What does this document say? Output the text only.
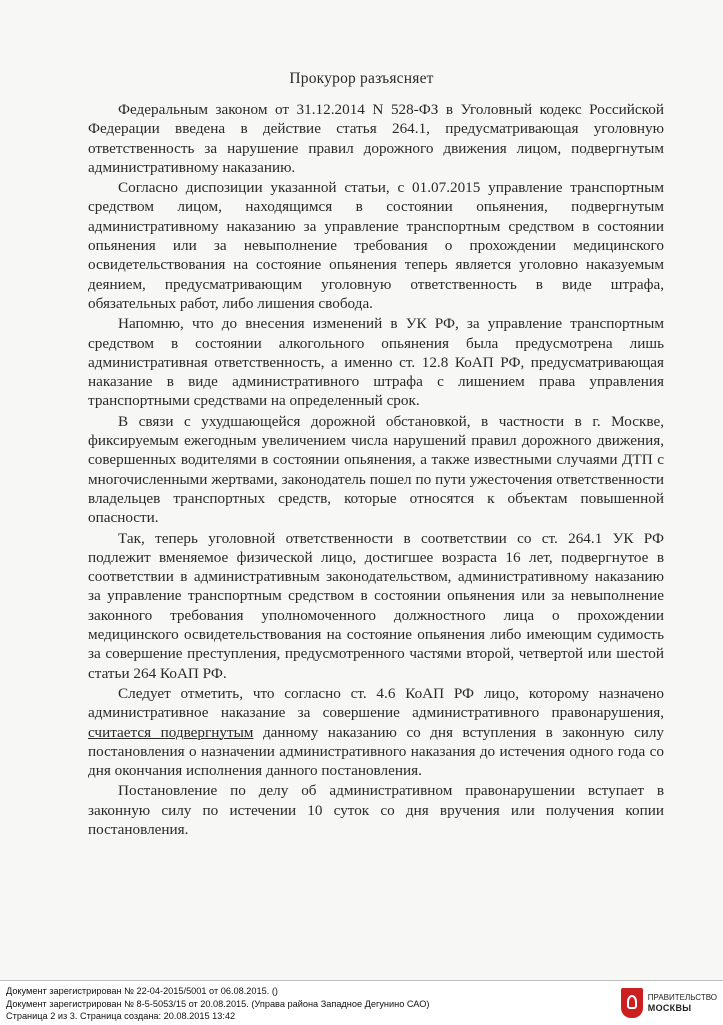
Прокурор разъясняет

Федеральным законом от 31.12.2014 N 528-ФЗ в Уголовный кодекс Российской Федерации введена в действие статья 264.1, предусматривающая уголовную ответственность за нарушение правил дорожного движения лицом, подвергнутым административному наказанию.

Согласно диспозиции указанной статьи, с 01.07.2015 управление транспортным средством лицом, находящимся в состоянии опьянения, подвергнутым административному наказанию за управление транспортным средством в состоянии опьянения или за невыполнение требования о прохождении медицинского освидетельствования на состояние опьянения теперь является уголовно наказуемым деянием, предусматривающим уголовную ответственность в виде штрафа, обязательных работ, либо лишения свобода.

Напомню, что до внесения изменений в УК РФ, за управление транспортным средством в состоянии алкогольного опьянения была предусмотрена лишь административная ответственность, а именно ст. 12.8 КоАП РФ, предусматривающая наказание в виде административного штрафа с лишением права управления транспортными средствами на определенный срок.

В связи с ухудшающейся дорожной обстановкой, в частности в г. Москве, фиксируемым ежегодным увеличением числа нарушений правил дорожного движения, совершенных водителями в состоянии опьянения, а также известными случаями ДТП с многочисленными жертвами, законодатель пошел по пути ужесточения ответственности владельцев транспортных средств, которые относятся к объектам повышенной опасности.

Так, теперь уголовной ответственности в соответствии со ст. 264.1 УК РФ подлежит вменяемое физической лицо, достигшее возраста 16 лет, подвергнутое в соответствии в административным законодательством, административному наказанию за управление транспортным средством в состоянии опьянения или за невыполнение законного требования уполномоченного должностного лица о прохождении медицинского освидетельствования на состояние опьянения либо имеющим судимость за совершение преступления, предусмотренного частями второй, четвертой или шестой статьи 264 КоАП РФ.

Следует отметить, что согласно ст. 4.6 КоАП РФ лицо, которому назначено административное наказание за совершение административного правонарушения, считается подвергнутым данному наказанию со дня вступления в законную силу постановления о назначении административного наказания до истечения одного года со дня окончания исполнения данного постановления.

Постановление по делу об административном правонарушении вступает в законную силу по истечении 10 суток со дня вручения или получения копии постановления.

Документ зарегистрирован № 22-04-2015/5001 от 06.08.2015. ()
Документ зарегистрирован № 8-5-5053/15 от 20.08.2015. (Управа района Западное Дегунино САО)
Страница 2 из 3. Страница создана: 20.08.2015 13:42
ПРАВИТЕЛЬСТВО
МОСКВЫ
